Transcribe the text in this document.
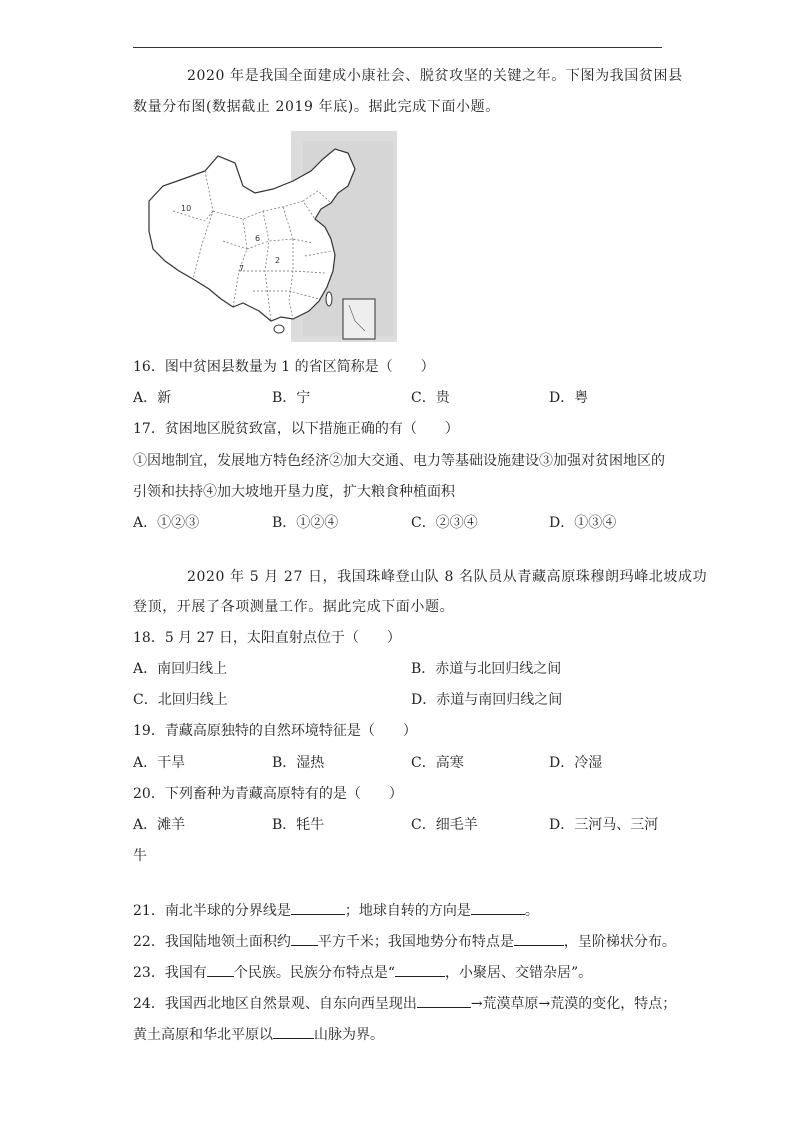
2020 年是我国全面建成小康社会、脱贫攻坚的关键之年。下图为我国贫困县
数量分布图(数据截止 2019 年底)。据此完成下面小题。
10
6
7
2
16．图中贫困县数量为 1 的省区简称是（　　）
A．新	B．宁	C．贵	D．粤
17．贫困地区脱贫致富，以下措施正确的有（　　）
①因地制宜，发展地方特色经济②加大交通、电力等基础设施建设③加强对贫困地区的
引领和扶持④加大坡地开垦力度，扩大粮食种植面积
A．①②③	B．①②④	C．②③④	D．①③④
2020 年 5 月 27 日，我国珠峰登山队 8 名队员从青藏高原珠穆朗玛峰北坡成功
登顶，开展了各项测量工作。据此完成下面小题。
18．5 月 27 日，太阳直射点位于（　　）
A．南回归线上	B．赤道与北回归线之间
C．北回归线上	D．赤道与南回归线之间
19．青藏高原独特的自然环境特征是（　　）
A．干旱	B．湿热	C．高寒	D．冷湿
20．下列畜种为青藏高原特有的是（　　）
A．滩羊	B．牦牛	C．细毛羊	D．三河马、三河
牛
21．南北半球的分界线是	；地球自转的方向是	。
22．我国陆地领土面积约 平方千米；我国地势分布特点是	，呈阶梯状分布。
23．我国有 个民族。民族分布特点是“	，小聚居、交错杂居”。
24．我国西北地区自然景观、自东向西呈现出	→荒漠草原→荒漠的变化，特点；
黄土高原和华北平原以	山脉为界。
